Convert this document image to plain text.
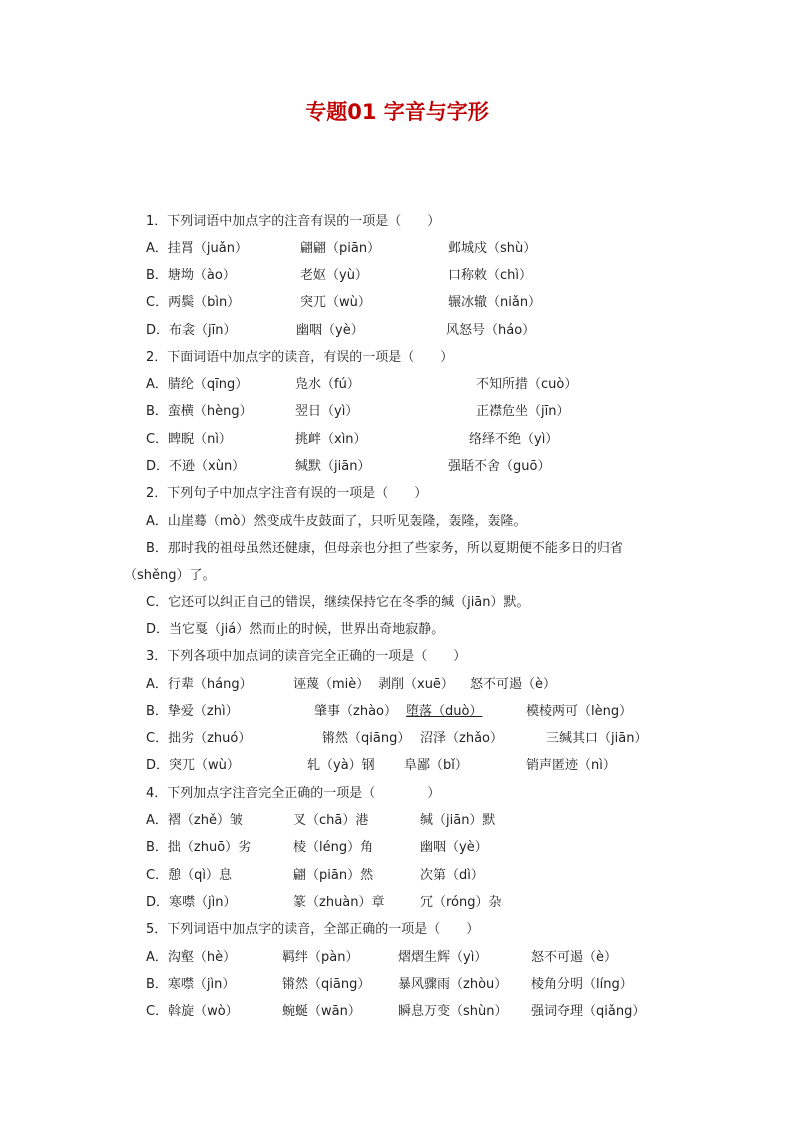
专题01 字音与字形
1．下列词语中加点字的注音有误的一项是（　　）
A．挂罥（juǎn）	翩翩（piān）	邺城戍（shù）
B．塘坳（ào）	老妪（yù）	口称敕（chì）
C．两鬓（bìn）	突兀（wù）	辗冰辙（niǎn）
D．布衾（jīn）	幽咽（yè）	风怒号（háo）
2．下面词语中加点字的读音，有误的一项是（　　）
A．腈纶（qīng）	凫水（fú）	不知所措（cuò）
B．蛮横（hèng）	翌日（yì）	正襟危坐（jīn）
C．睥睨（nì）	挑衅（xìn）	络绎不绝（yì）
D．不逊（xùn）	缄默（jiān）	强聒不舍（guō）
2．下列句子中加点字注音有误的一项是（　　）
A．山崖蓦（mò）然变成牛皮鼓面了，只听见轰隆，轰隆，轰隆。
B．那时我的祖母虽然还健康，但母亲也分担了些家务，所以夏期便不能多日的归省
（shěng）了。
C．它还可以纠正自己的错误，继续保持它在冬季的缄（jiān）默。
D．当它戛（jiá）然而止的时候，世界出奇地寂静。
3．下列各项中加点词的读音完全正确的一项是（　　）
A．行辈（háng）	诬蔑（miè） 剥削（xuē） 怒不可遏（è）
B．挚爱（zhì）	肇事（zhào） 堕落（duò）	模棱两可（lèng）
C．拙劣（zhuó）	锵然（qiāng） 沼泽（zhǎo）	三缄其口（jiān）
D．突兀（wù）	轧（yà）钢 阜鄙（bǐ）	销声匿迹（nì）
4．下列加点字注音完全正确的一项是（　　　　）
A．褶（zhě）皱	叉（chā）港	缄（jiān）默
B．拙（zhuō）劣	棱（léng）角	幽咽（yè）
C．憩（qì）息	翩（piān）然	次第（dì）
D．寒噤（jìn）	篆（zhuàn）章	冗（róng）杂
5．下列词语中加点字的读音，全部正确的一项是（　　）
A．沟壑（hè）	羁绊（pàn）	熠熠生辉（yì）	怒不可遏（è）
B．寒噤（jìn）	锵然（qiāng） 暴风骤雨（zhòu） 棱角分明（líng）
C．斡旋（wò）	蜿蜒（wān）	瞬息万变（shùn） 强词夺理（qiǎng）
